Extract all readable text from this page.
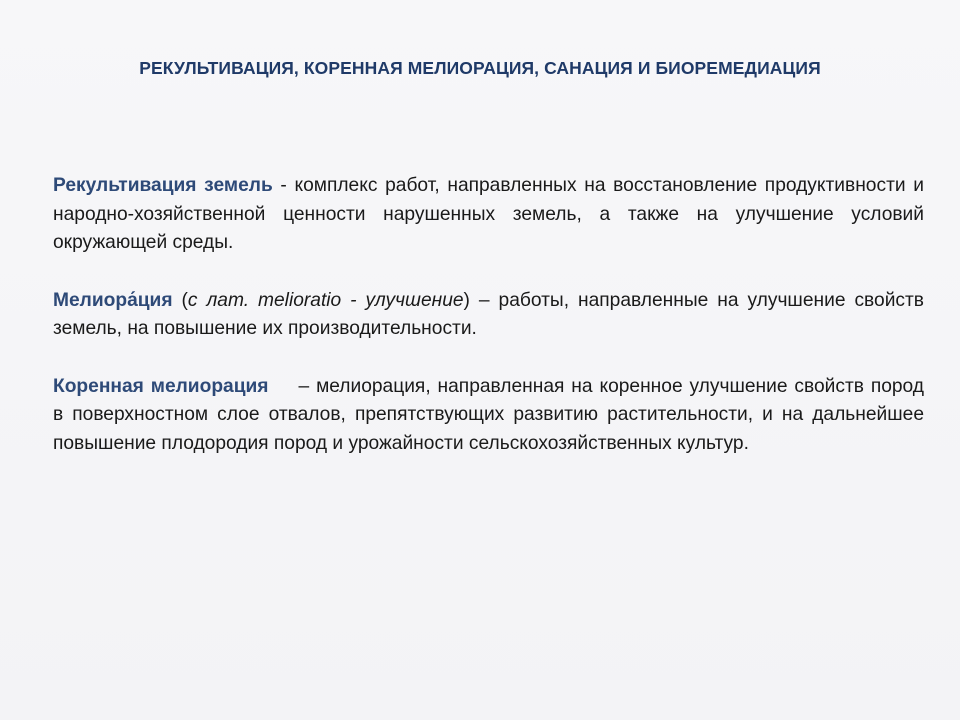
РЕКУЛЬТИВАЦИЯ, КОРЕННАЯ МЕЛИОРАЦИЯ, САНАЦИЯ И БИОРЕМЕДИАЦИЯ

Рекультивация земель - комплекс работ, направленных на восстановление продуктивности и народно-хозяйственной ценности нарушенных земель, а также на улучшение условий окружающей среды.

Мелиора́ция (с лат. melioratio - улучшение) – работы, направленные на улучшение свойств земель, на повышение их производительности.

Коренная мелиорация – мелиорация, направленная на коренное улучшение свойств пород в поверхностном слое отвалов, препятствующих развитию растительности, и на дальнейшее повышение плодородия пород и урожайности сельскохозяйственных культур.
